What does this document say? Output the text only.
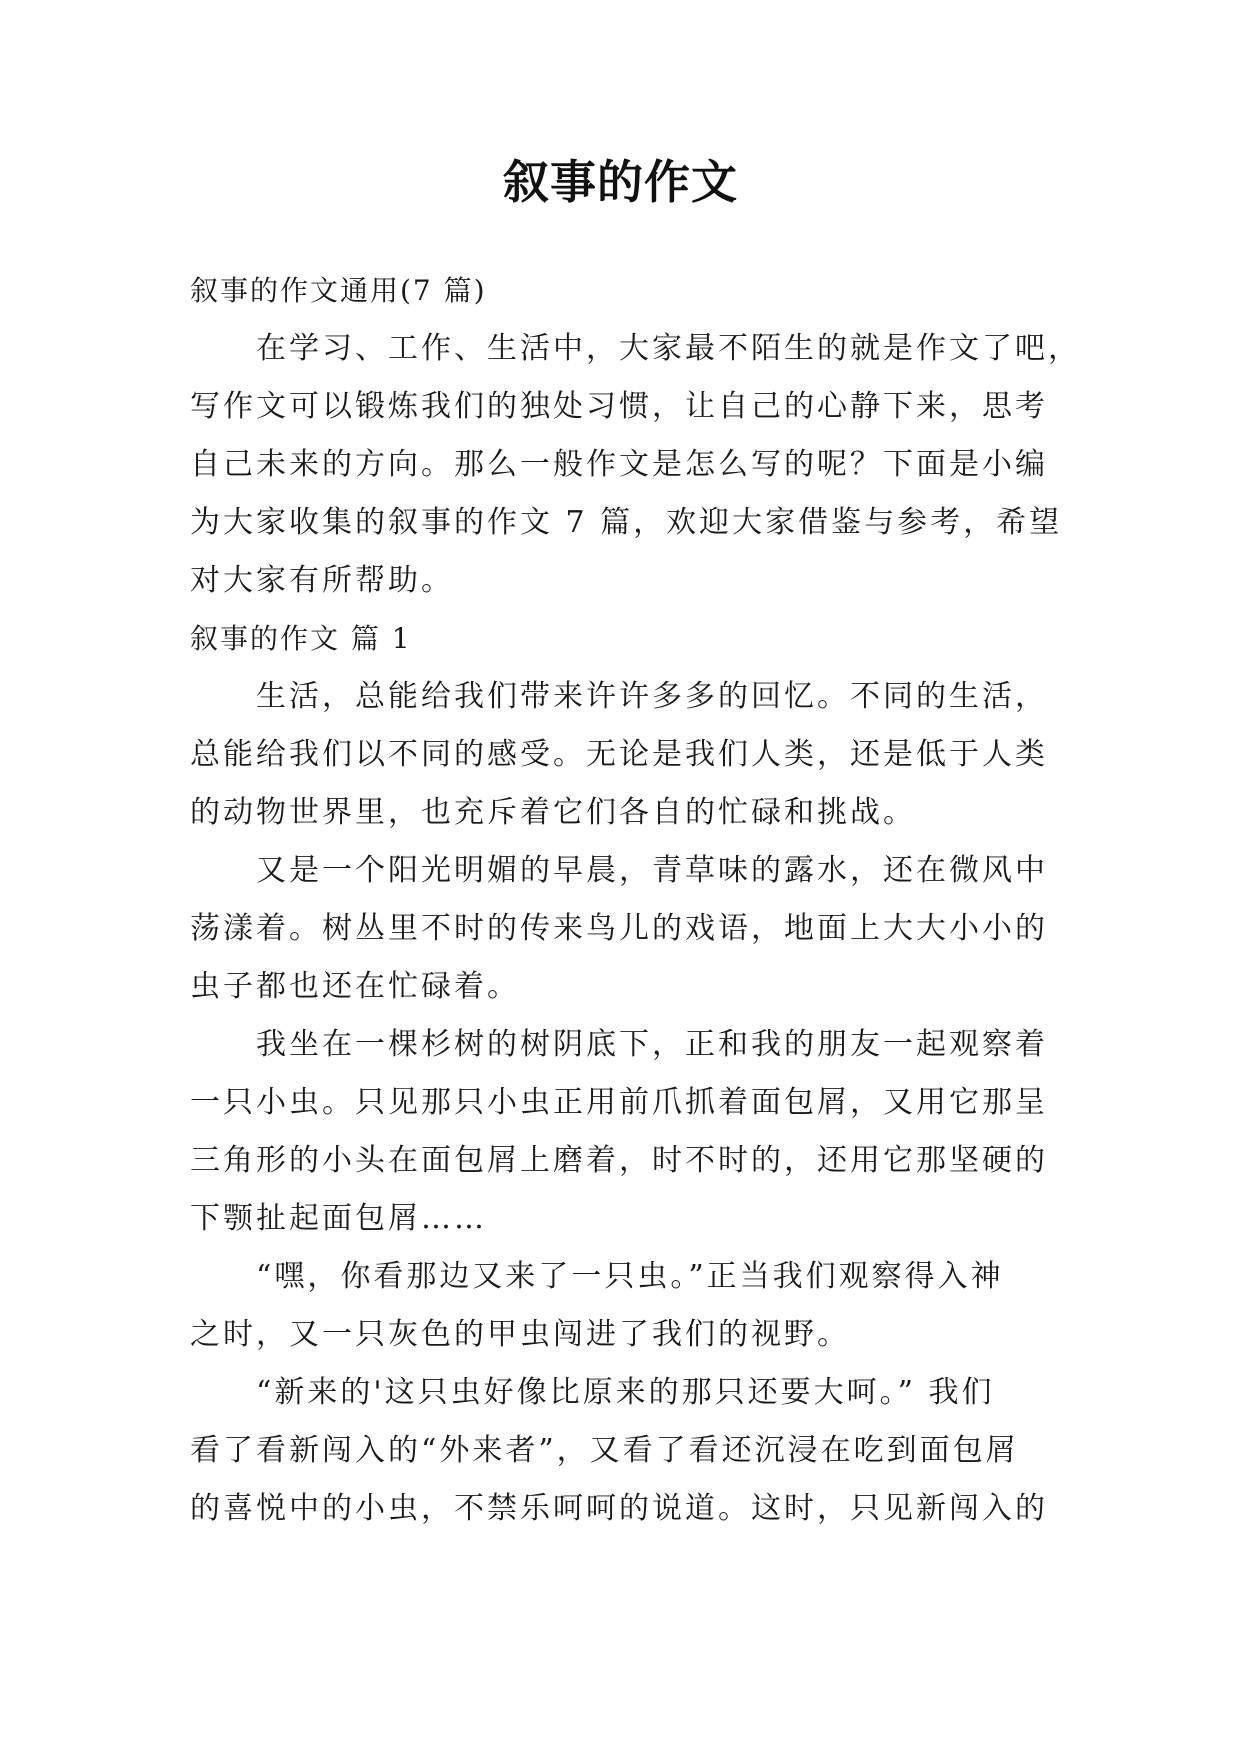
叙事的作文
叙事的作文通用(7 篇)
在学习、工作、生活中，大家最不陌生的就是作文了吧，
写作文可以锻炼我们的独处习惯，让自己的心静下来，思考
自己未来的方向。那么一般作文是怎么写的呢？下面是小编
为大家收集的叙事的作文 7 篇，欢迎大家借鉴与参考，希望
对大家有所帮助。
叙事的作文 篇 1
生活，总能给我们带来许许多多的回忆。不同的生活，
总能给我们以不同的感受。无论是我们人类，还是低于人类
的动物世界里，也充斥着它们各自的忙碌和挑战。
又是一个阳光明媚的早晨，青草味的露水，还在微风中
荡漾着。树丛里不时的传来鸟儿的戏语，地面上大大小小的
虫子都也还在忙碌着。
我坐在一棵杉树的树阴底下，正和我的朋友一起观察着
一只小虫。只见那只小虫正用前爪抓着面包屑，又用它那呈
三角形的小头在面包屑上磨着，时不时的，还用它那坚硬的
下颚扯起面包屑……
“嘿，你看那边又来了一只虫。”正当我们观察得入神
之时，又一只灰色的甲虫闯进了我们的视野。
“新来的'这只虫好像比原来的那只还要大呵。” 我们
看了看新闯入的“外来者”，又看了看还沉浸在吃到面包屑
的喜悦中的小虫，不禁乐呵呵的说道。这时，只见新闯入的
